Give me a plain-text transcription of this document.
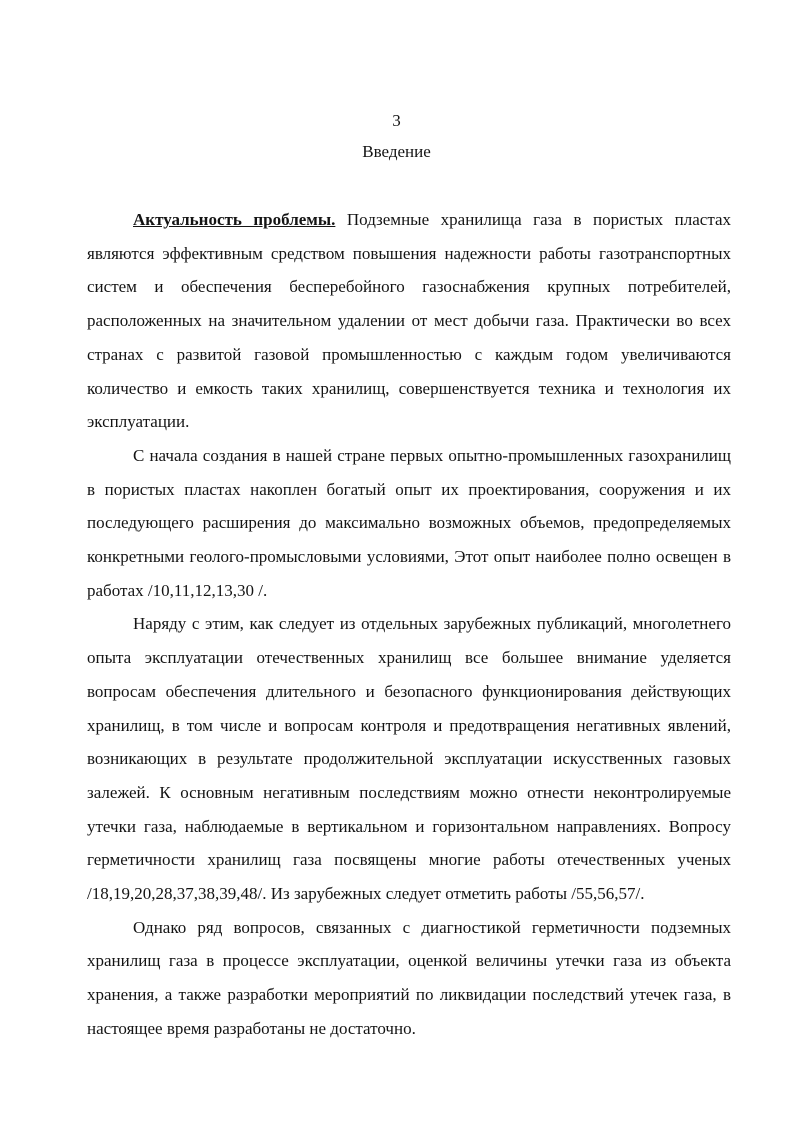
3
Введение

Актуальность проблемы. Подземные хранилища газа в пористых пластах являются эффективным средством повышения надежности работы газотранспортных систем и обеспечения бесперебойного газоснабжения крупных потребителей, расположенных на значительном удалении от мест добычи газа. Практически во всех странах с развитой газовой промышленностью с каждым годом увеличиваются количество и емкость таких хранилищ, совершенствуется техника и технология их эксплуатации.

С начала создания в нашей стране первых опытно-промышленных газохранилищ в пористых пластах накоплен богатый опыт их проектирования, сооружения и их последующего расширения до максимально возможных объемов, предопределяемых конкретными геолого-промысловыми условиями, Этот опыт наиболее полно освещен в работах /10,11,12,13,30 /.

Наряду с этим, как следует из отдельных зарубежных публикаций, многолетнего опыта эксплуатации отечественных хранилищ все большее внимание уделяется вопросам обеспечения длительного и безопасного функционирования действующих хранилищ, в том числе и вопросам контроля и предотвращения негативных явлений, возникающих в результате продолжительной эксплуатации искусственных газовых залежей. К основным негативным последствиям можно отнести неконтролируемые утечки газа, наблюдаемые в вертикальном и горизонтальном направлениях. Вопросу герметичности хранилищ газа посвящены многие работы отечественных ученых /18,19,20,28,37,38,39,48/. Из зарубежных следует отметить работы /55,56,57/.

Однако ряд вопросов, связанных с диагностикой герметичности подземных хранилищ газа в процессе эксплуатации, оценкой величины утечки газа из объекта хранения, а также разработки мероприятий по ликвидации последствий утечек газа, в настоящее время разработаны не достаточно.
